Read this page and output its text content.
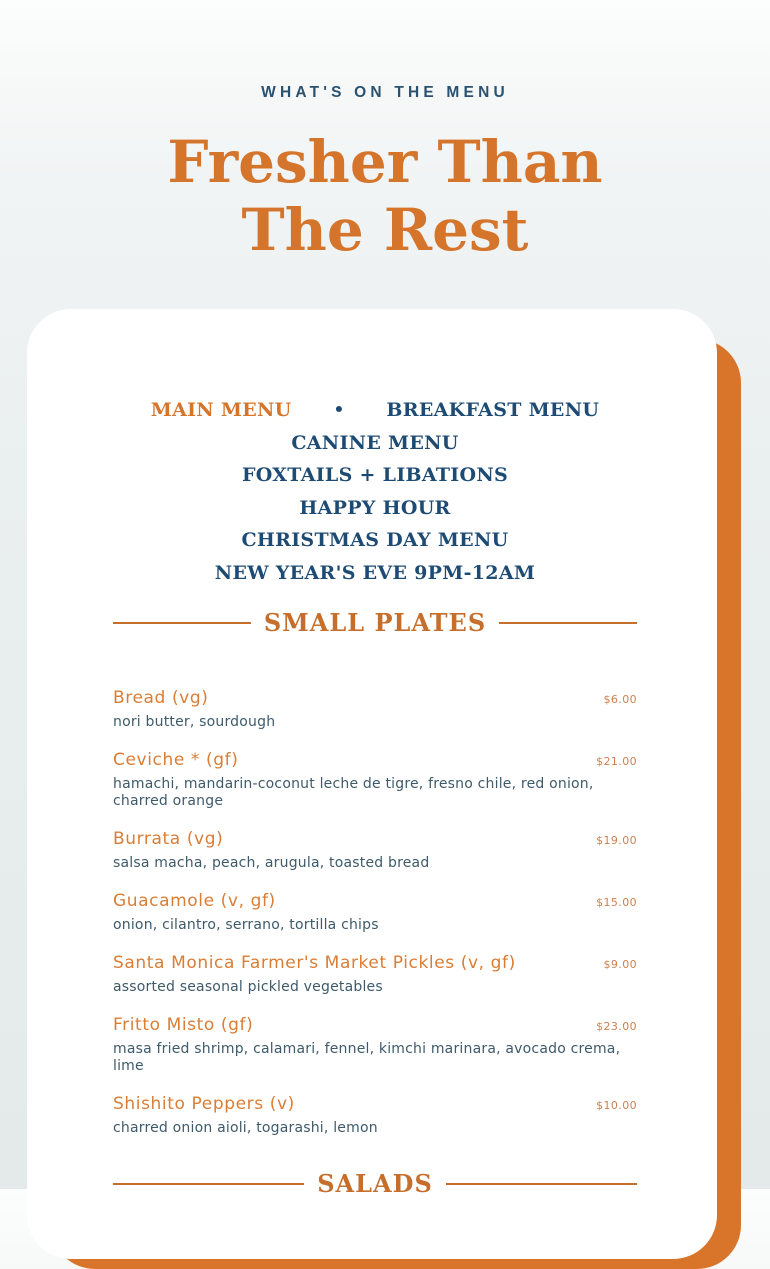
WHAT'S ON THE MENU

Fresher Than
The Rest
MAIN MENU • BREAKFAST MENU
CANINE MENU
FOXTAILS + LIBATIONS
HAPPY HOUR
CHRISTMAS DAY MENU
NEW YEAR'S EVE 9PM-12AM
SMALL PLATES
Bread (vg)	$6.00

nori butter, sourdough

Ceviche * (gf)	$21.00

hamachi, mandarin-coconut leche de tigre, fresno chile, red onion, charred orange

Burrata (vg)	$19.00

salsa macha, peach, arugula, toasted bread

Guacamole (v, gf)	$15.00

onion, cilantro, serrano, tortilla chips

Santa Monica Farmer's Market Pickles (v, gf)	$9.00

assorted seasonal pickled vegetables

Fritto Misto (gf)	$23.00

masa fried shrimp, calamari, fennel, kimchi marinara, avocado crema, lime

Shishito Peppers (v)	$10.00

charred onion aioli, togarashi, lemon

SALADS
